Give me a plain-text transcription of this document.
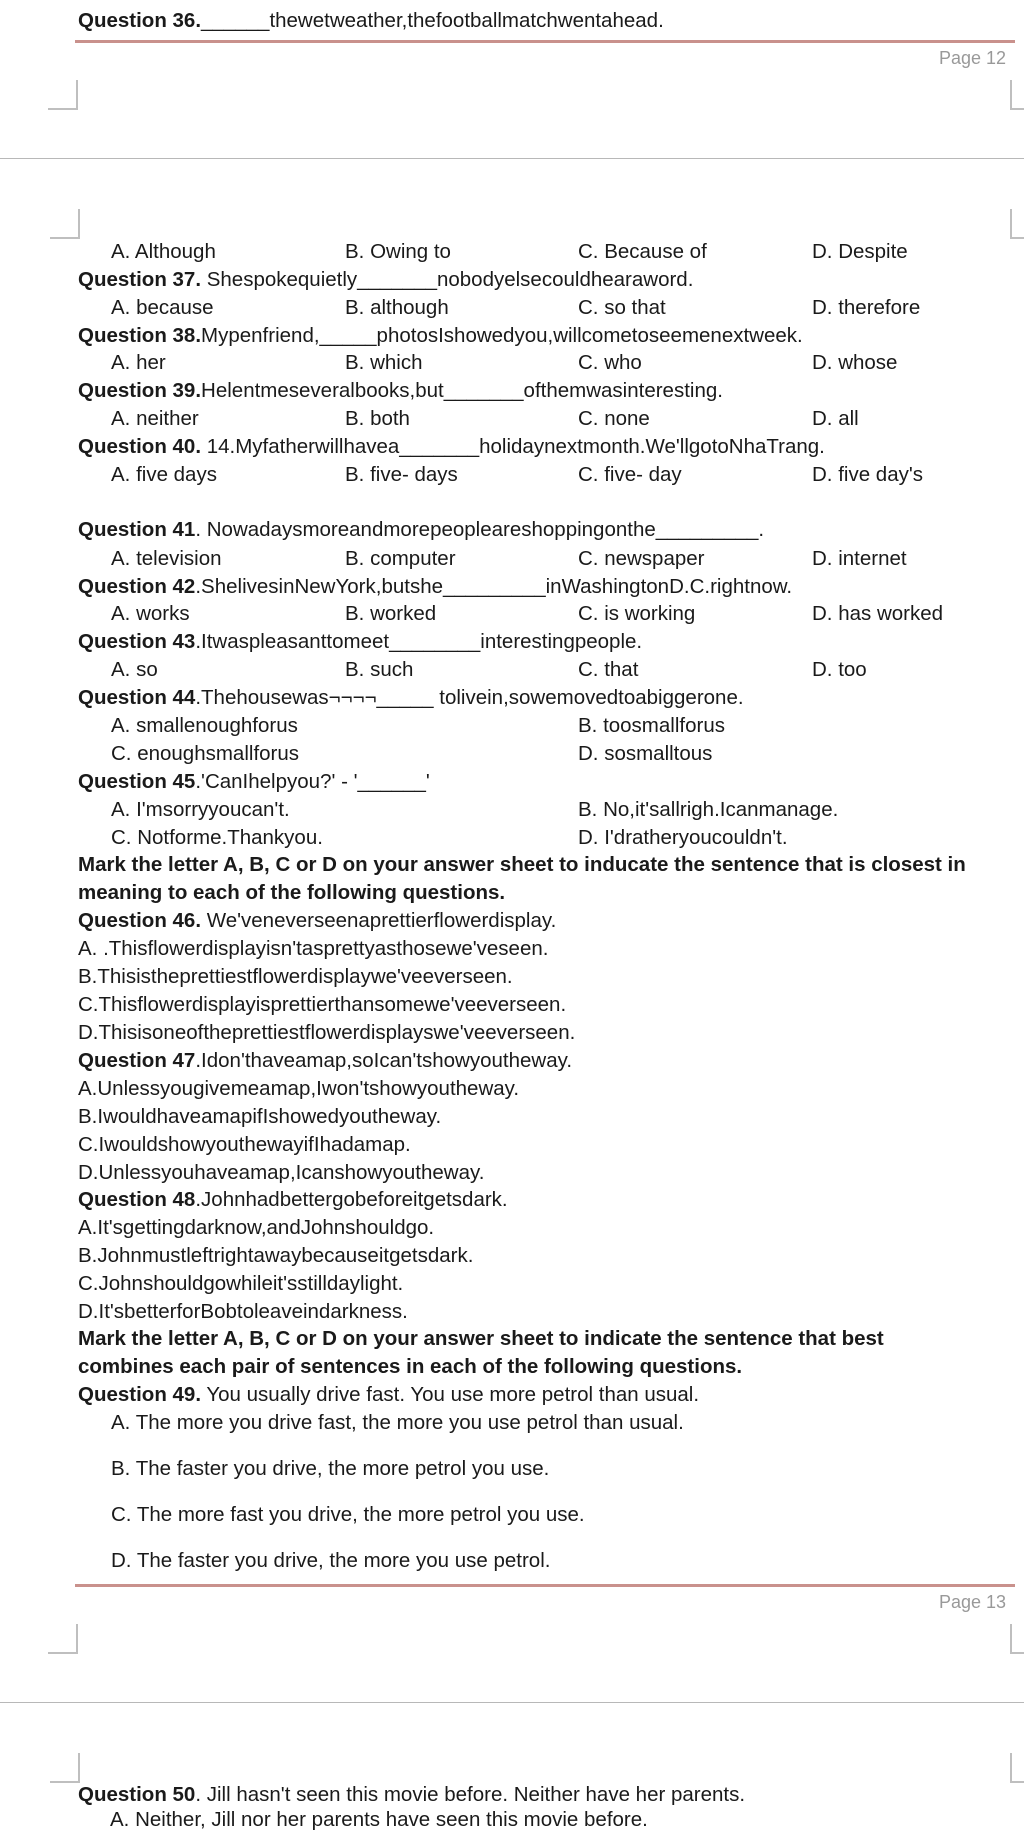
Question 36.______thewetweather,thefootballmatchwentahead.
Page 12
A. Although	B. Owing to	C. Because of	D. Despite
Question 37. Shespokequietly_______nobodyelsecouldhearaword.
A. because	B. although	C. so that	D. therefore
Question 38.Mypenfriend,_____photosIshowedyou,willcometoseemenextweek.
A. her	B. which	C. who	D. whose
Question 39.Helentmeseveralbooks,but_______ofthemwasinteresting.
A. neither	B. both	C. none	D. all
Question 40. 14.Myfatherwillhavea_______holidaynextmonth.We'llgotoNhaTrang.
A. five days	B. five- days	C. five- day	D. five day's
Question 41. Nowadaysmoreandmorepeopleareshoppingonthe_________.
A. television	B. computer	C. newspaper	D. internet
Question 42.ShelivesinNewYork,butshe_________inWashingtonD.C.rightnow.
A. works	B. worked	C. is working	D. has worked
Question 43.Itwaspleasanttomeet________interestingpeople.
A. so	B. such	C. that	D. too
Question 44.Thehousewas¬¬¬¬_____ tolivein,sowemovedtoabiggerone.
A. smallenoughforus	B. toosmallforus
C. enoughsmallforus	D. sosmalltous
Question 45.'CanIhelpyou?' - '______'
A. I'msorryyoucan't.	B. No,it'sallrigh.Icanmanage.
C. Notforme.Thankyou.	D. I'dratheryoucouldn't.
Mark the letter A, B, C or D on your answer sheet to inducate the sentence that is closest in meaning to each of the following questions.
Question 46. We'veneverseenaprettierflowerdisplay.
A. .Thisflowerdisplayisn'tasprettyasthosewe'veseen.
B.Thisistheprettiestflowerdisplaywe'veeverseen.
C.Thisflowerdisplayisprettierthansomewe'veeverseen.
D.Thisisoneoftheprettiestflowerdisplayswe'veeverseen.
Question 47.Idon'thaveamap,soIcan'tshowyoutheway.
A.Unlessyougivemeamap,Iwon'tshowyoutheway.
B.IwouldhaveamapifIshowedyoutheway.
C.IwouldshowyouthewayifIhadamap.
D.Unlessyouhaveamap,Icanshowyoutheway.
Question 48.Johnhadbettergobeforeitgetsdark.
A.It'sgettingdarknow,andJohnshouldgo.
B.Johnmustleftrightawaybecauseitgetsdark.
C.Johnshouldgowhileit'sstilldaylight.
D.It'sbetterforBobtoleaveindarkness.
Mark the letter A, B, C or D on your answer sheet to indicate the sentence that best combines each pair of sentences in each of the following questions.
Question 49. You usually drive fast. You use more petrol than usual.
A. The more you drive fast, the more you use petrol than usual.
B. The faster you drive, the more petrol you use.
C. The more fast you drive, the more petrol you use.
D. The faster you drive, the more you use petrol.
Page 13
Question 50. Jill hasn't seen this movie before. Neither have her parents.
A. Neither, Jill nor her parents have seen this movie before.
